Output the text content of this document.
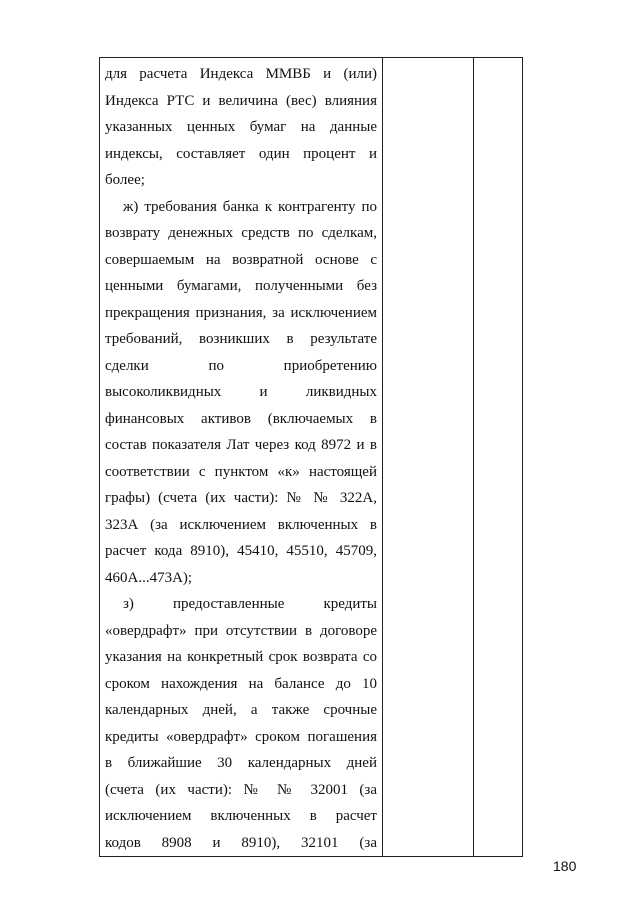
для расчета Индекса ММВБ и (или)
Индекса РТС и величина (вес) влияния
указанных ценных бумаг на данные
индексы, составляет один процент и
более;
ж) требования банка к контрагенту по
возврату денежных средств по сделкам,
совершаемым на возвратной основе с
ценными бумагами, полученными без
прекращения признания, за исключением
требований, возникших в результате
сделки по приобретению
высоколиквидных и ликвидных
финансовых активов (включаемых в
состав показателя Лат через код 8972 и в
соответствии с пунктом «к» настоящей
графы) (счета (их части): № № 322А,
323А (за исключением включенных в
расчет кода 8910), 45410, 45510, 45709,
460А...473А);
з) предоставленные кредиты
«овердрафт» при отсутствии в договоре
указания на конкретный срок возврата со
сроком нахождения на балансе до 10
календарных дней, а также срочные
кредиты «овердрафт» сроком погашения
в ближайшие 30 календарных дней
(счета (их части): № № 32001 (за
исключением включенных в расчет
кодов 8908 и 8910), 32101 (за

180
